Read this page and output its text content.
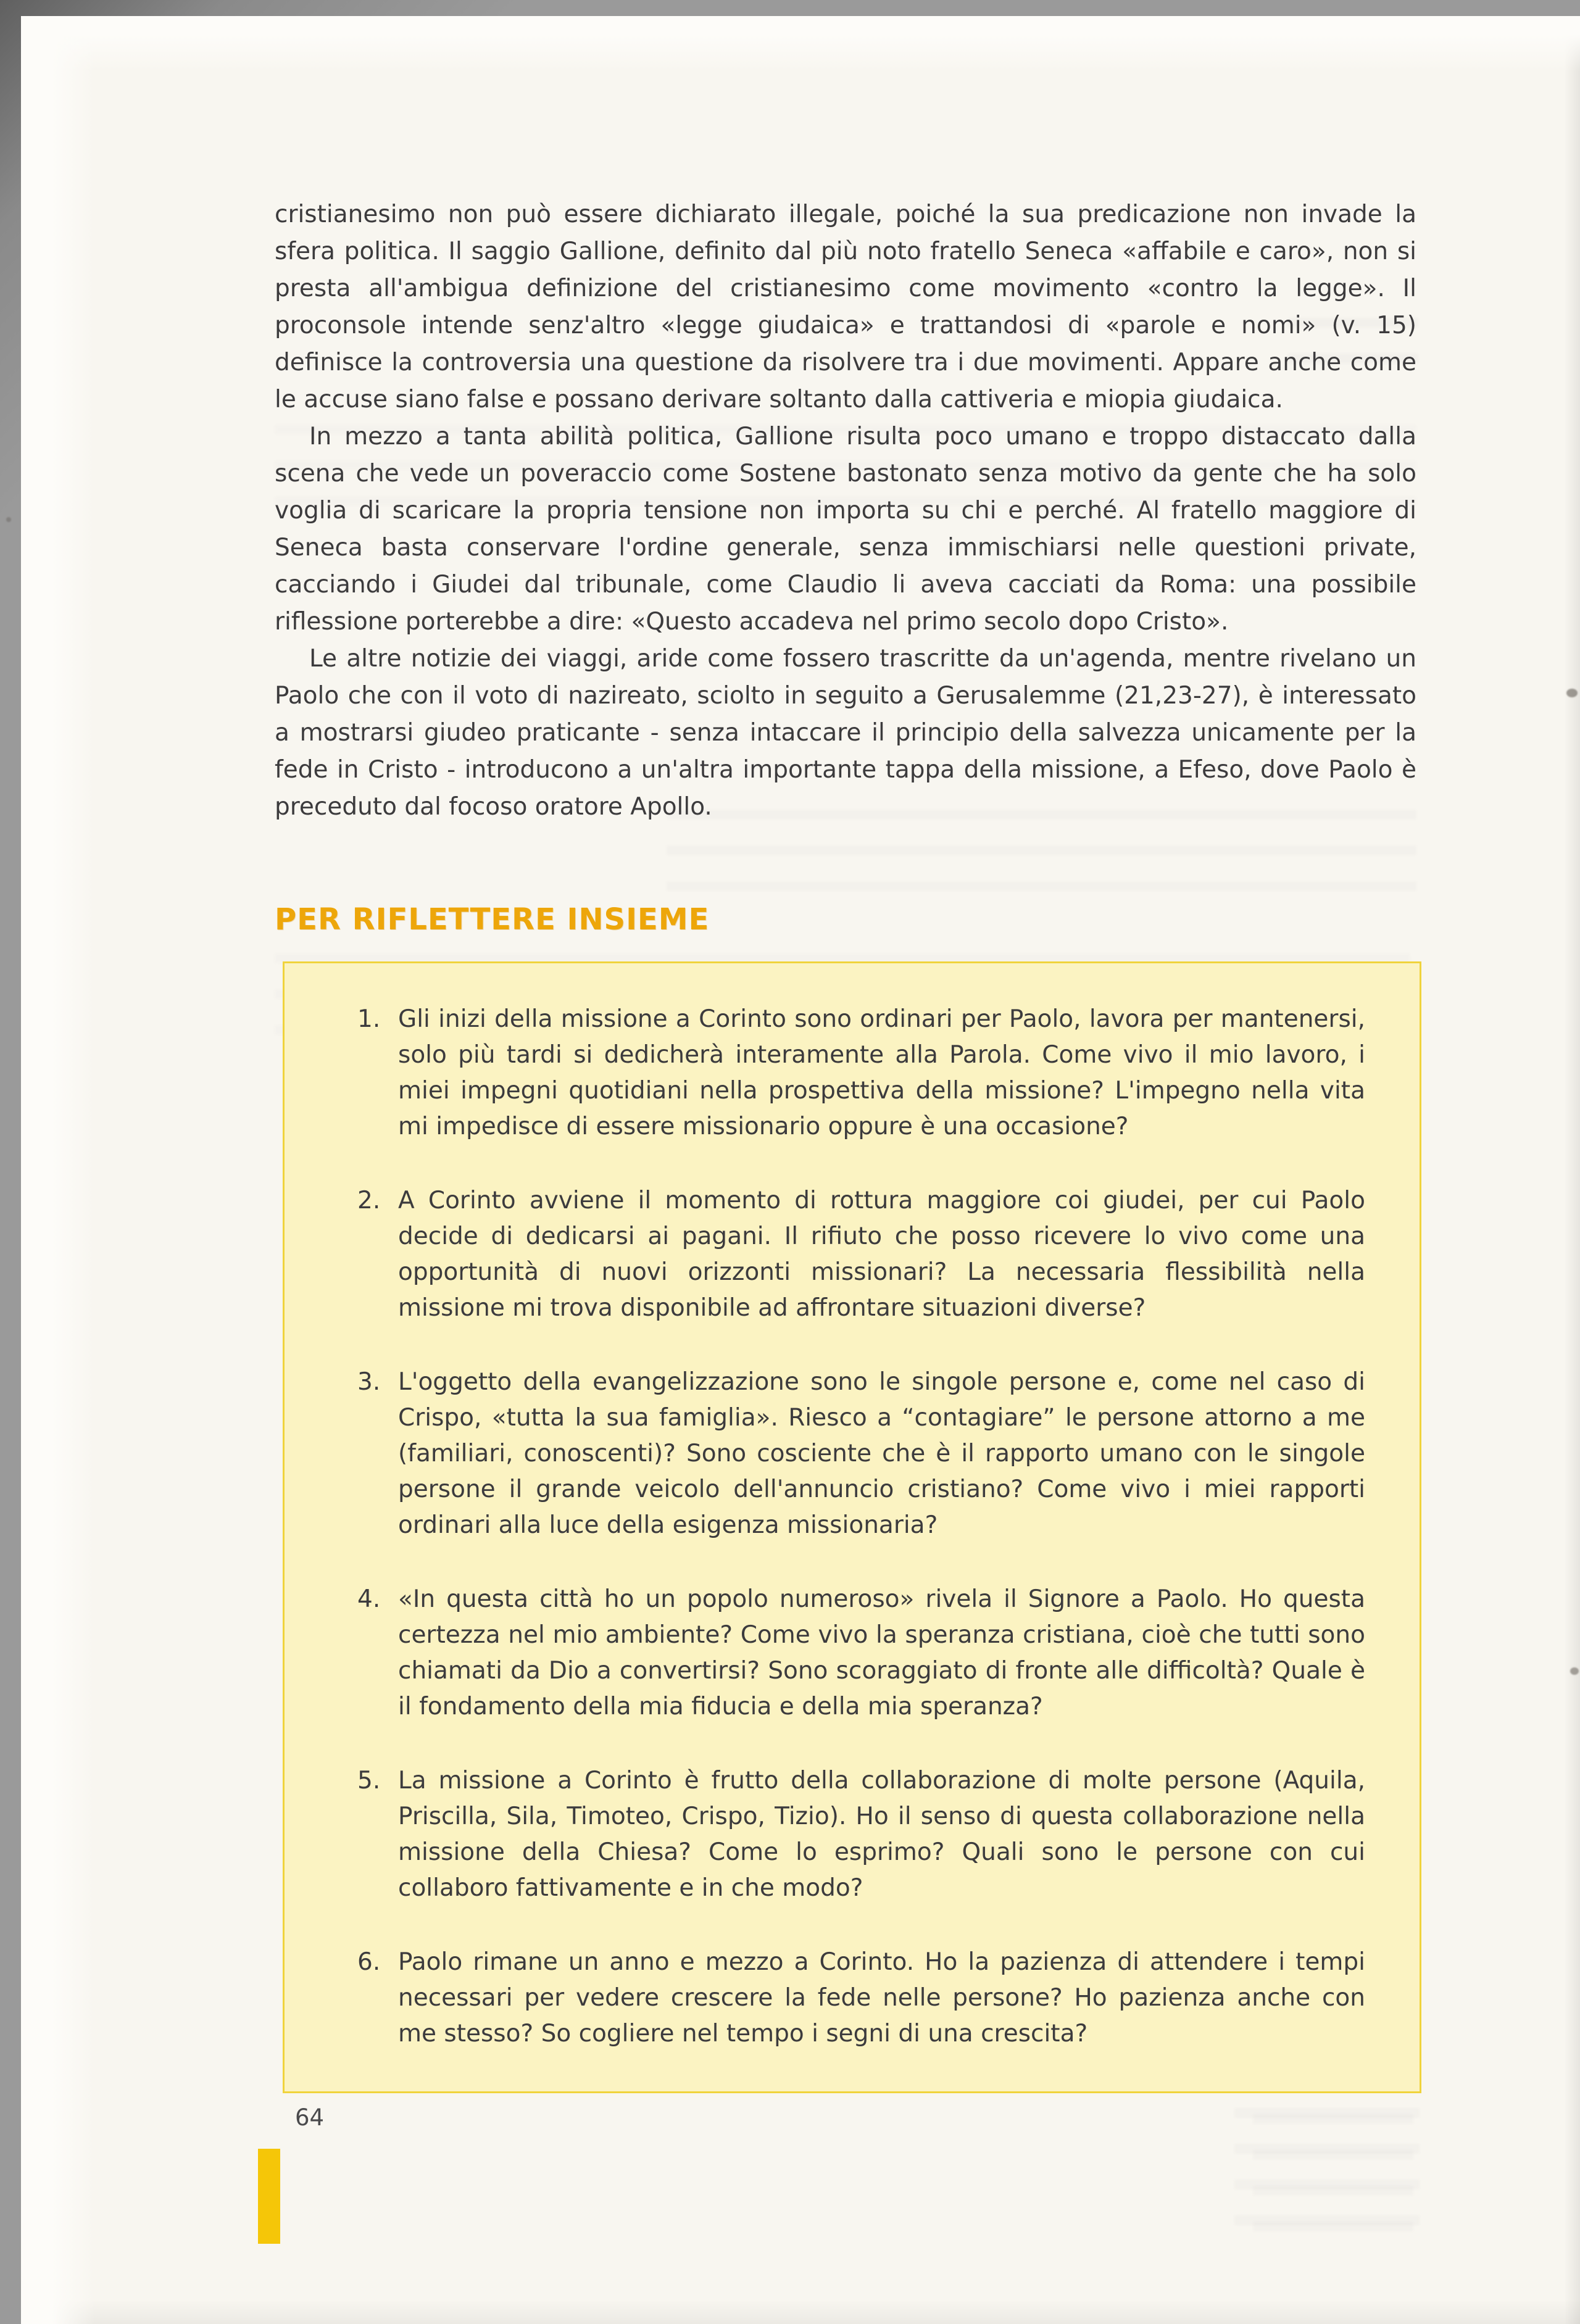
cristianesimo non può essere dichiarato illegale, poiché la sua predicazione non invade la sfera politica. Il saggio Gallione, definito dal più noto fratello Seneca «affabile e caro», non si presta all'ambigua definizione del cristianesimo come movimento «contro la legge». Il proconsole intende senz'altro «legge giudaica» e trattandosi di «parole e nomi» (v. 15) definisce la controversia una questione da risolvere tra i due movimenti. Appare anche come le accuse siano false e possano derivare soltanto dalla cattiveria e miopia giudaica.

In mezzo a tanta abilità politica, Gallione risulta poco umano e troppo distaccato dalla scena che vede un poveraccio come Sostene bastonato senza motivo da gente che ha solo voglia di scaricare la propria tensione non importa su chi e perché. Al fratello maggiore di Seneca basta conservare l'ordine generale, senza immischiarsi nelle questioni private, cacciando i Giudei dal tribunale, come Claudio li aveva cacciati da Roma: una possibile riflessione porterebbe a dire: «Questo accadeva nel primo secolo dopo Cristo».

Le altre notizie dei viaggi, aride come fossero trascritte da un'agenda, mentre rivelano un Paolo che con il voto di nazireato, sciolto in seguito a Gerusalemme (21,23-27), è interessato a mostrarsi giudeo praticante - senza intaccare il principio della salvezza unicamente per la fede in Cristo - introducono a un'altra importante tappa della missione, a Efeso, dove Paolo è preceduto dal focoso oratore Apollo.

PER RIFLETTERE INSIEME
1. Gli inizi della missione a Corinto sono ordinari per Paolo, lavora per mantenersi, solo più tardi si dedicherà interamente alla Parola. Come vivo il mio lavoro, i miei impegni quotidiani nella prospettiva della missione? L'impegno nella vita mi impedisce di essere missionario oppure è una occasione?
2. A Corinto avviene il momento di rottura maggiore coi giudei, per cui Paolo decide di dedicarsi ai pagani. Il rifiuto che posso ricevere lo vivo come una opportunità di nuovi orizzonti missionari? La necessaria flessibilità nella missione mi trova disponibile ad affrontare situazioni diverse?
3. L'oggetto della evangelizzazione sono le singole persone e, come nel caso di Crispo, «tutta la sua famiglia». Riesco a “contagiare” le persone attorno a me (familiari, conoscenti)? Sono cosciente che è il rapporto umano con le singole persone il grande veicolo dell'annuncio cristiano? Come vivo i miei rapporti ordinari alla luce della esigenza missionaria?
4. «In questa città ho un popolo numeroso» rivela il Signore a Paolo. Ho questa certezza nel mio ambiente? Come vivo la speranza cristiana, cioè che tutti sono chiamati da Dio a convertirsi? Sono scoraggiato di fronte alle difficoltà? Quale è il fondamento della mia fiducia e della mia speranza?
5. La missione a Corinto è frutto della collaborazione di molte persone (Aquila, Priscilla, Sila, Timoteo, Crispo, Tizio). Ho il senso di questa collaborazione nella missione della Chiesa? Come lo esprimo? Quali sono le persone con cui collaboro fattivamente e in che modo?
6. Paolo rimane un anno e mezzo a Corinto. Ho la pazienza di attendere i tempi necessari per vedere crescere la fede nelle persone? Ho pazienza anche con me stesso? So cogliere nel tempo i segni di una crescita?
64
